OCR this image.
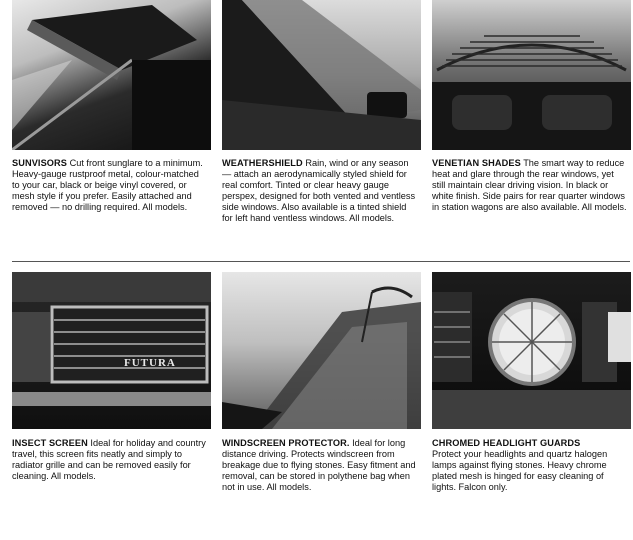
SUNVISORS Cut front sunglare to a minimum. Heavy-gauge rustproof metal, colour-matched to your car, black or beige vinyl covered, or mesh style if you prefer. Easily attached and removed — no drilling required. All models.
WEATHERSHIELD Rain, wind or any season — attach an aerodynamically styled shield for real comfort. Tinted or clear heavy gauge perspex, designed for both vented and ventless side windows. Also available is a tinted shield for left hand ventless windows. All models.
VENETIAN SHADES The smart way to reduce heat and glare through the rear windows, yet still maintain clear driving vision. In black or white finish. Side pairs for rear quarter windows in station wagons are also available. All models.
FUTURA
INSECT SCREEN Ideal for holiday and country travel, this screen fits neatly and simply to radiator grille and can be removed easily for cleaning. All models.
WINDSCREEN PROTECTOR. Ideal for long distance driving. Protects windscreen from breakage due to flying stones. Easy fitment and removal, can be stored in polythene bag when not in use. All models.
CHROMED HEADLIGHT GUARDS
Protect your headlights and quartz halogen lamps against flying stones. Heavy chrome plated mesh is hinged for easy cleaning of lights. Falcon only.
